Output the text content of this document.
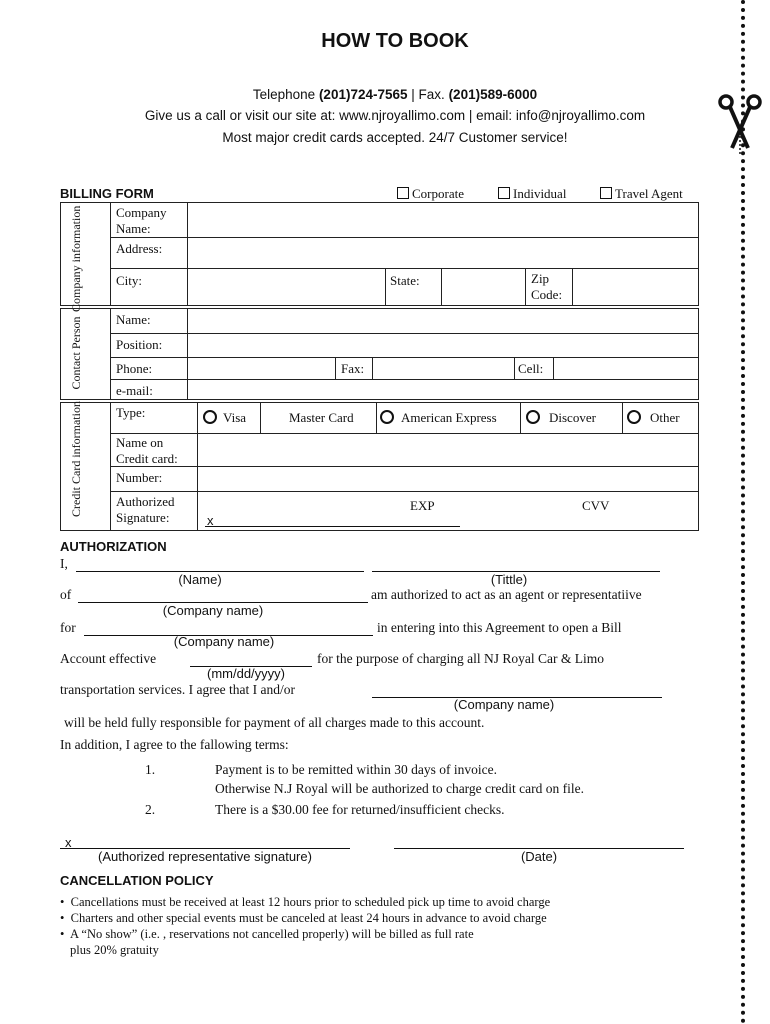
HOW TO BOOK
Telephone (201)724-7565 | Fax. (201)589-6000
Give us a call or visit our site at: www.njroyallimo.com | email: info@njroyallimo.com
Most major credit cards accepted. 24/7 Customer service!
BILLING FORM	Corporate	Individual	Travel Agent
Company information	Company Name:
Address:
City:	State:	Zip Code:
Contact Person	Name:
Position:
Phone:	Fax:	Cell:
e-mail:
Credit Card information	Type:	Visa	Master Card	American Express	Discover	Other
Name on Credit card:
Number:
Authorized Signature:	x
EXP	CVV
AUTHORIZATION
I,
(Name)	(Tittle)
of	am authorized to act as an agent or representatiive
(Company name)
for	in entering into this Agreement to open a Bill
(Company name)
Account effective	for the purpose of charging all NJ Royal Car & Limo
(mm/dd/yyyy)
transportation services. I agree that I and/or
(Company name)
will be held fully responsible for payment of all charges made to this account.
In addition, I agree to the fallowing terms:
1.	Payment is to be remitted within 30 days of invoice.
Otherwise N.J Royal will be authorized to charge credit card on file.
2.	There is a $30.00 fee for returned/insufficient checks.
x
(Authorized representative signature)	(Date)
CANCELLATION POLICY
•  Cancellations must be received at least 12 hours prior to scheduled pick up time to avoid charge
•  Charters and other special events must be canceled at least 24 hours in advance to avoid charge
•  A “No show” (i.e. , reservations not cancelled properly) will be billed as full rate
plus 20% gratuity
